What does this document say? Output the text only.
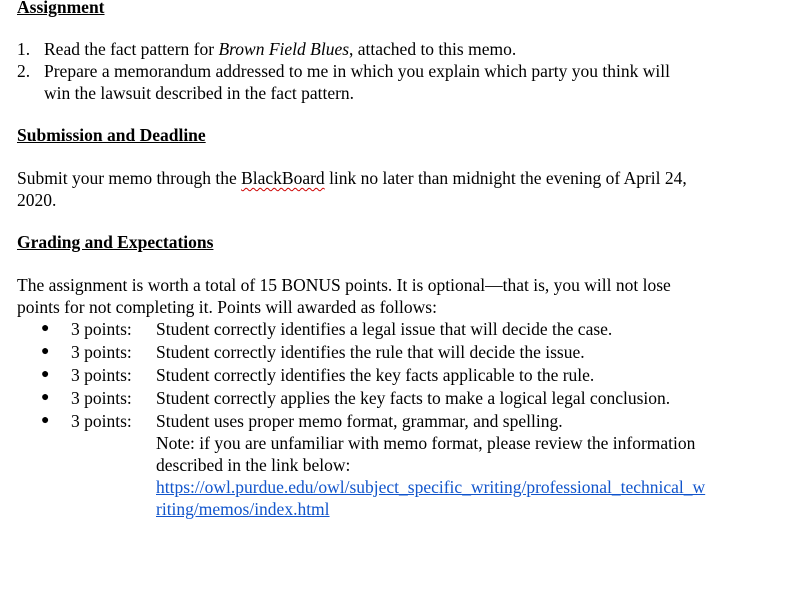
Assignment
1. Read the fact pattern for Brown Field Blues, attached to this memo.
2. Prepare a memorandum addressed to me in which you explain which party you think will
win the lawsuit described in the fact pattern.
Submission and Deadline
Submit your memo through the BlackBoard link no later than midnight the evening of April 24,
2020.
Grading and Expectations
The assignment is worth a total of 15 BONUS points. It is optional—that is, you will not lose
points for not completing it. Points will awarded as follows:
● 3 points: Student correctly identifies a legal issue that will decide the case.
● 3 points: Student correctly identifies the rule that will decide the issue.
● 3 points: Student correctly identifies the key facts applicable to the rule.
● 3 points: Student correctly applies the key facts to make a logical legal conclusion.
● 3 points: Student uses proper memo format, grammar, and spelling.
Note: if you are unfamiliar with memo format, please review the information
described in the link below:
https://owl.purdue.edu/owl/subject_specific_writing/professional_technical_w
riting/memos/index.html
